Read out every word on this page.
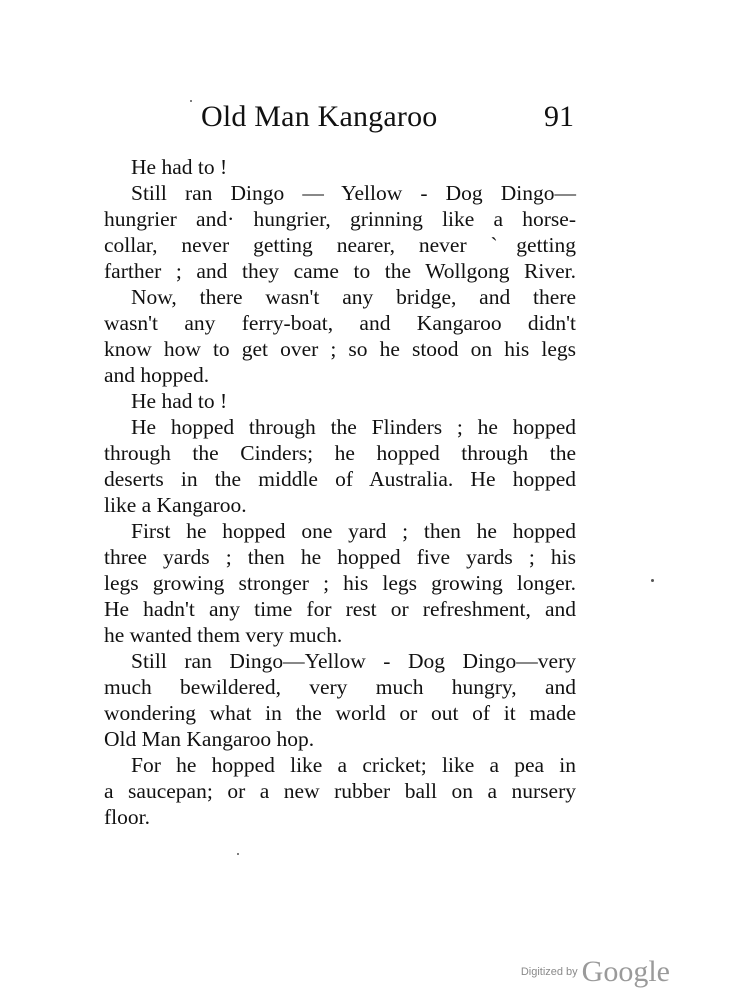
Old Man Kangaroo	91
He had to !
Still ran Dingo — Yellow - Dog Dingo—
hungrier and· hungrier, grinning like a horse-
collar, never getting nearer, never ˋgetting
farther ; and they came to the Wollgong River.
Now, there wasn't any bridge, and there
wasn't any ferry-boat, and Kangaroo didn't
know how to get over ; so he stood on his legs
and hopped.
He had to !
He hopped through the Flinders ; he hopped
through the Cinders; he hopped through the
deserts in the middle of Australia. He hopped
like a Kangaroo.
First he hopped one yard ; then he hopped
three yards ; then he hopped five yards ; his
legs growing stronger ; his legs growing longer.
He hadn't any time for rest or refreshment, and
he wanted them very much.
Still ran Dingo—Yellow - Dog Dingo—very
much bewildered, very much hungry, and
wondering what in the world or out of it made
Old Man Kangaroo hop.
For he hopped like a cricket; like a pea in
a saucepan; or a new rubber ball on a nursery
floor.
$^{Digitized by}$ Google
